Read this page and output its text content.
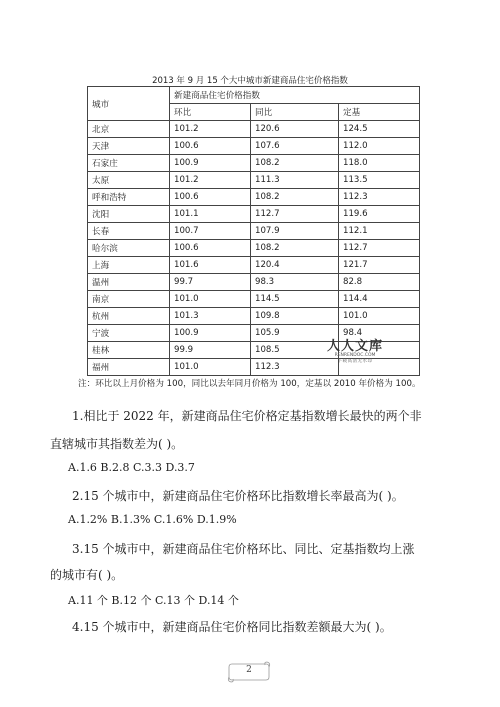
2013 年 9 月 15 个大中城市新建商品住宅价格指数
城市	新建商品住宅价格指数		
	环比	同比	定基
北京	101.2	120.6	124.5
天津	100.6	107.6	112.0
石家庄	100.9	108.2	118.0
太原	101.2	111.3	113.5
呼和浩特	100.6	108.2	112.3
沈阳	101.1	112.7	119.6
长春	100.7	107.9	112.1
哈尔滨	100.6	108.2	112.7
上海	101.6	120.4	121.7
温州	99.7	98.3	82.8
南京	101.0	114.5	114.4
杭州	101.3	109.8	101.0
宁波	100.9	105.9	98.4
桂林	99.9	108.5	
福州	101.0	112.3	
人人文库
RENRENDOC.COM
下载高清无水印
注：环比以上月价格为 100，同比以去年同月价格为 100，定基以 2010 年价格为 100。
1.相比于 2022 年，新建商品住宅价格定基指数增长最快的两个非
直辖城市其指数差为( )。
A.1.6 B.2.8 C.3.3 D.3.7
2.15 个城市中，新建商品住宅价格环比指数增长率最高为( )。
A.1.2% B.1.3% C.1.6% D.1.9%
3.15 个城市中，新建商品住宅价格环比、同比、定基指数均上涨
的城市有( )。
A.11 个 B.12 个 C.13 个 D.14 个
4.15 个城市中，新建商品住宅价格同比指数差额最大为( )。
2
